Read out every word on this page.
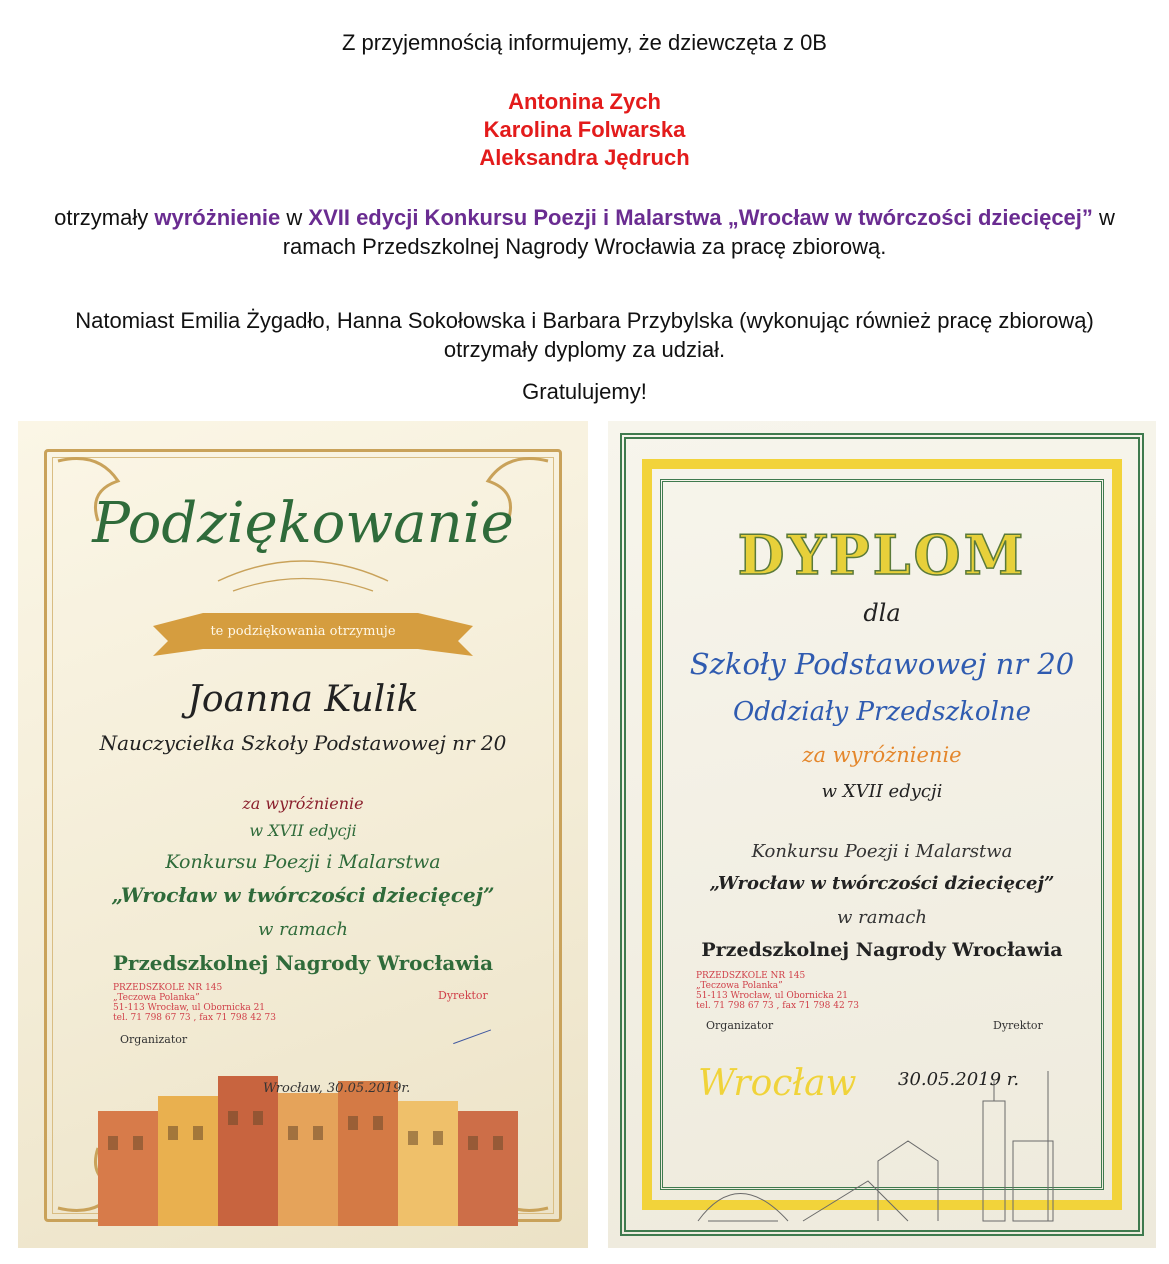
Z przyjemnością informujemy, że dziewczęta z 0B
Antonina Zych
Karolina Folwarska
Aleksandra Jędruch
otrzymały wyróżnienie w XVII edycji Konkursu Poezji i Malarstwa „Wrocław w twórczości dziecięcej” w ramach Przedszkolnej Nagrody Wrocławia za pracę zbiorową.
Natomiast Emilia Żygadło, Hanna Sokołowska i Barbara Przybylska (wykonując również pracę zbiorową) otrzymały dyplomy za udział.
Gratulujemy!
Podziękowanie
te podziękowania otrzymuje
Joanna Kulik
Nauczycielka Szkoły Podstawowej nr 20
za wyróżnienie
w XVII edycji
Konkursu Poezji i Malarstwa
„Wrocław w twórczości dziecięcej”
w ramach
Przedszkolnej Nagrody Wrocławia
PRZEDSZKOLE NR 145
„Teczowa Polanka”
51-113 Wrocław, ul Obornicka 21
tel. 71 798 67 73 , fax 71 798 42 73
Organizator
Dyrektor
Wrocław, 30.05.2019r.
DYPLOM
dla
Szkoły Podstawowej nr 20
Oddziały Przedszkolne
za wyróżnienie
w XVII edycji
Konkursu Poezji i Malarstwa
„Wrocław w twórczości dziecięcej”
w ramach
Przedszkolnej Nagrody Wrocławia
PRZEDSZKOLE NR 145
„Teczowa Polanka”
51-113 Wrocław, ul Obornicka 21
tel. 71 798 67 73 , fax 71 798 42 73
Organizator	Dyrektor
Wrocław 30.05.2019 r.
